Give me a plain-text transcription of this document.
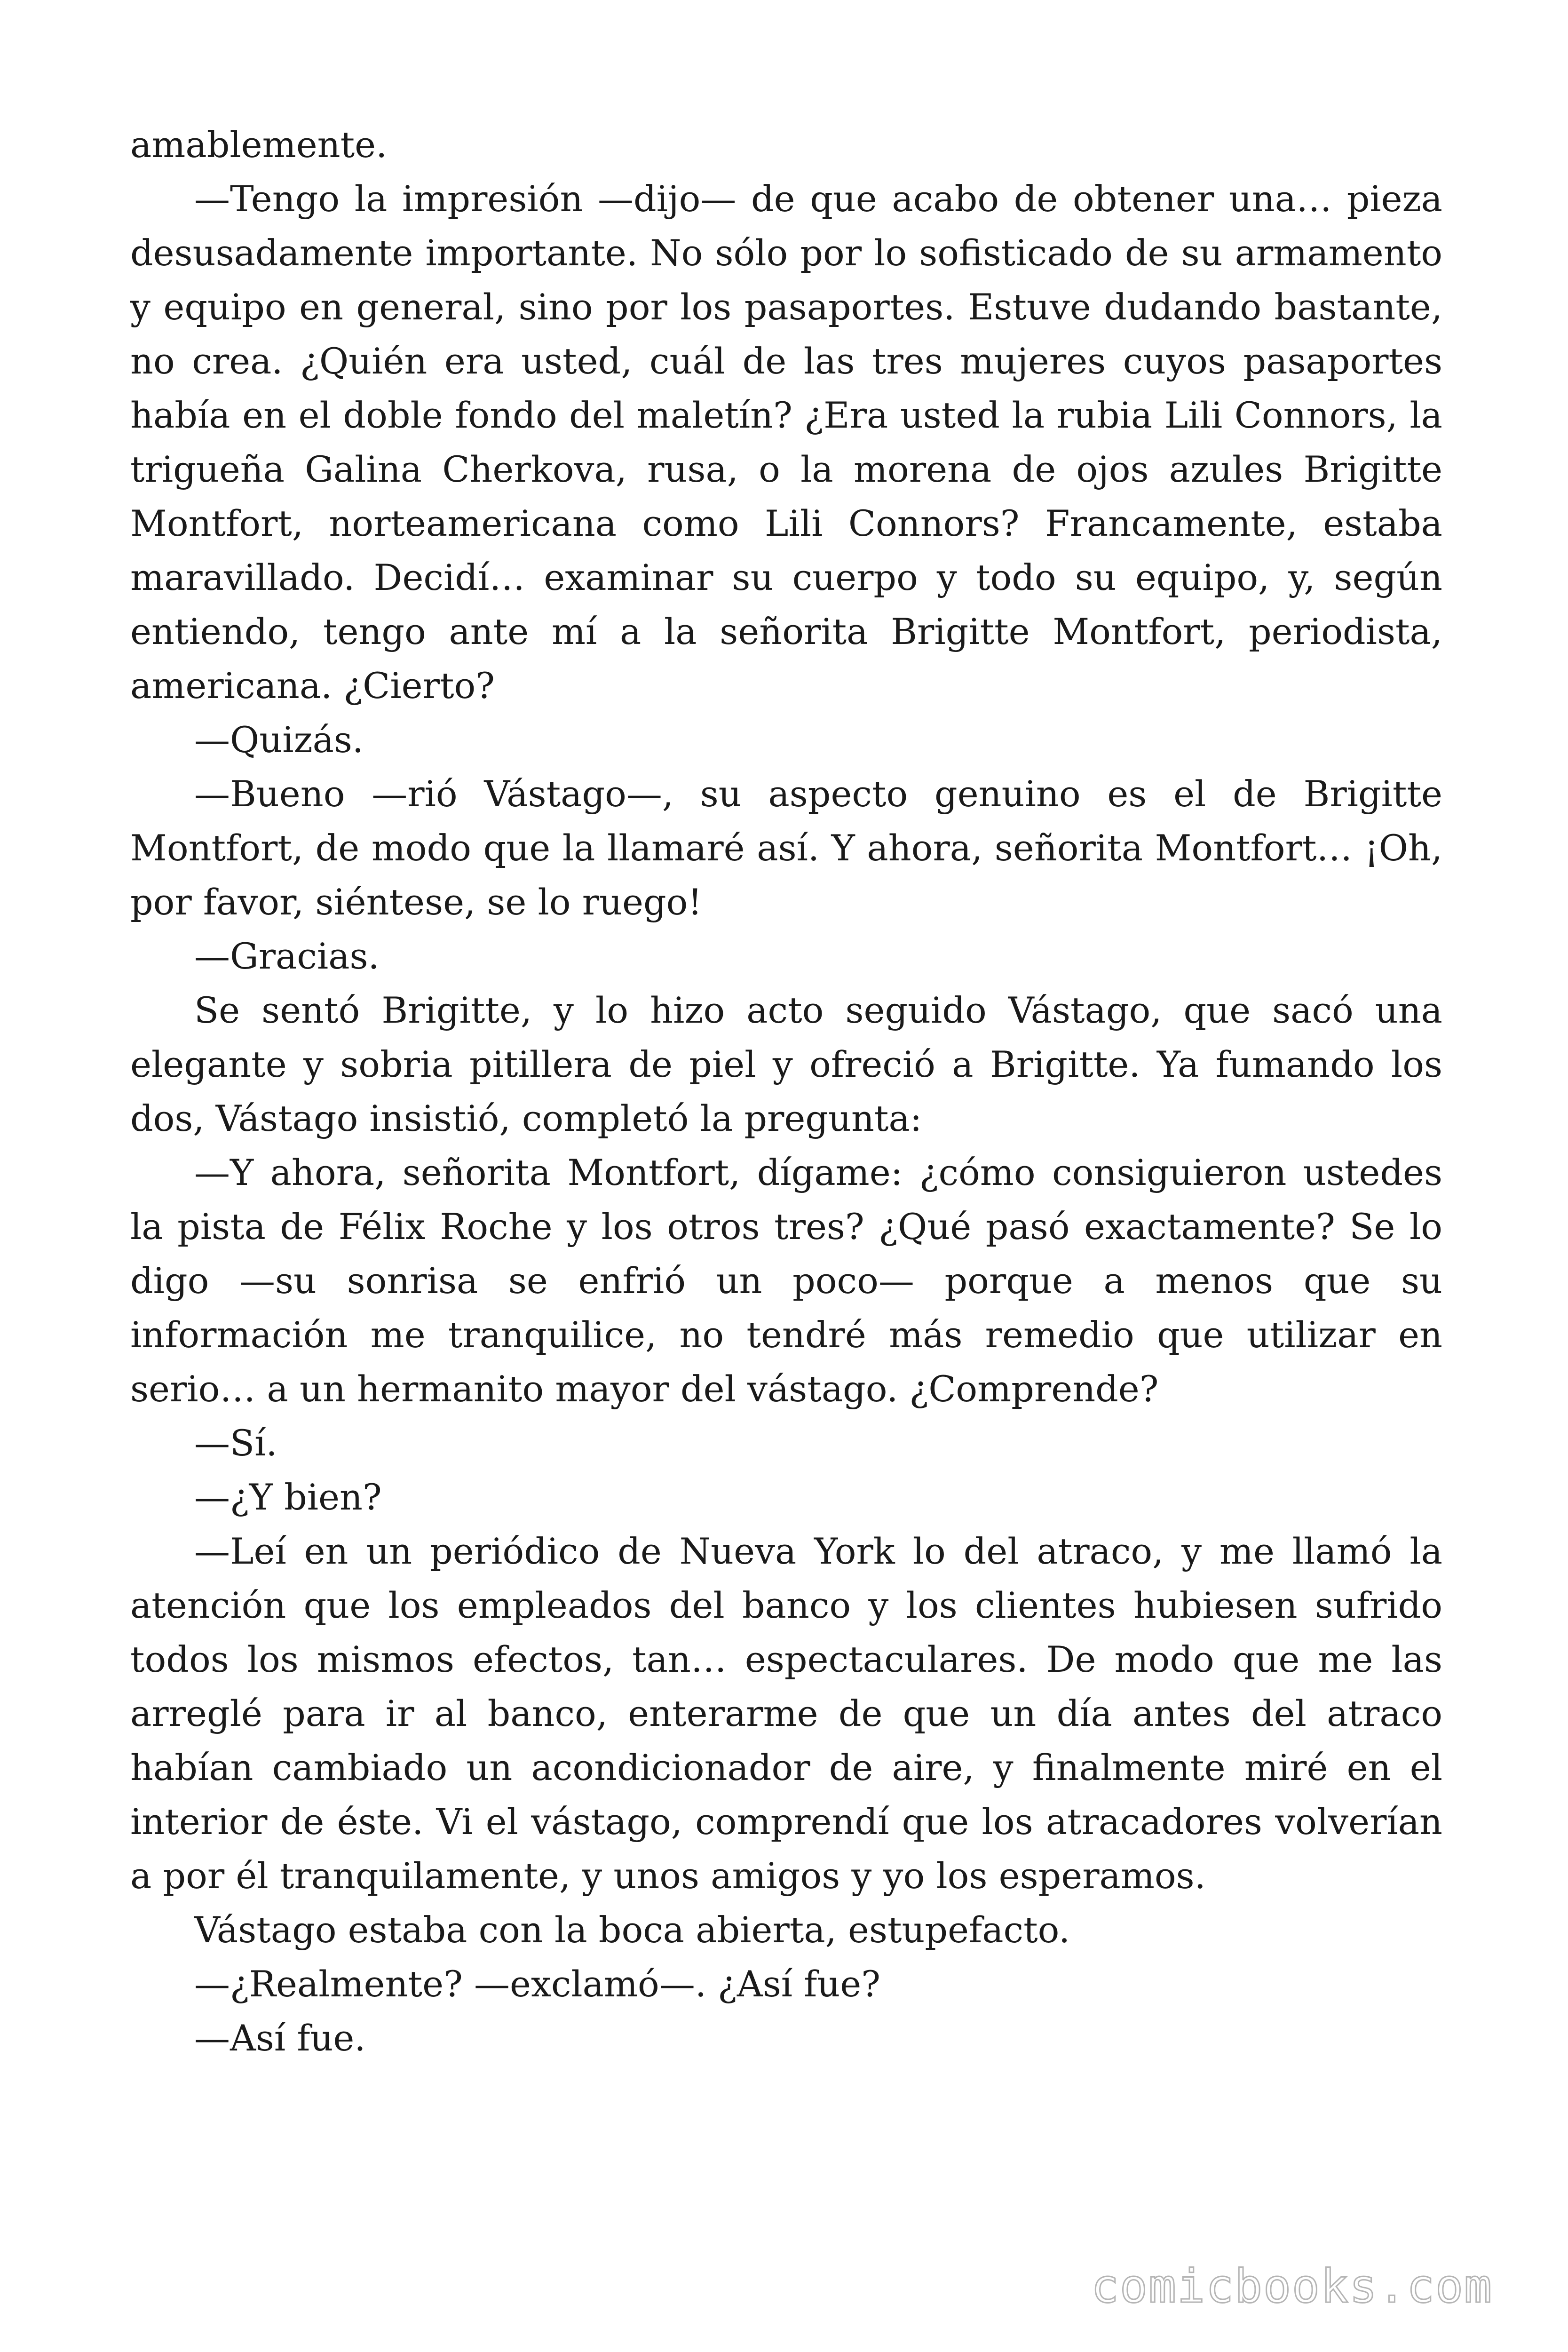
amablemente.

—Tengo la impresión —dijo— de que acabo de obtener una… pieza desusadamente importante. No sólo por lo sofisticado de su armamento y equipo en general, sino por los pasaportes. Estuve dudando bastante, no crea. ¿Quién era usted, cuál de las tres mujeres cuyos pasaportes había en el doble fondo del maletín? ¿Era usted la rubia Lili Connors, la trigueña Galina Cherkova, rusa, o la morena de ojos azules Brigitte Montfort, norteamericana como Lili Connors? Francamente, estaba maravillado. Decidí… examinar su cuerpo y todo su equipo, y, según entiendo, tengo ante mí a la señorita Brigitte Montfort, periodista, americana. ¿Cierto?

—Quizás.

—Bueno —rió Vástago—, su aspecto genuino es el de Brigitte Montfort, de modo que la llamaré así. Y ahora, señorita Montfort… ¡Oh, por favor, siéntese, se lo ruego!

—Gracias.

Se sentó Brigitte, y lo hizo acto seguido Vástago, que sacó una elegante y sobria pitillera de piel y ofreció a Brigitte. Ya fumando los dos, Vástago insistió, completó la pregunta:

—Y ahora, señorita Montfort, dígame: ¿cómo consiguieron ustedes la pista de Félix Roche y los otros tres? ¿Qué pasó exactamente? Se lo digo —su sonrisa se enfrió un poco— porque a menos que su información me tranquilice, no tendré más remedio que utilizar en serio… a un hermanito mayor del vástago. ¿Comprende?

—Sí.

—¿Y bien?

—Leí en un periódico de Nueva York lo del atraco, y me llamó la atención que los empleados del banco y los clientes hubiesen sufrido todos los mismos efectos, tan… espectaculares. De modo que me las arreglé para ir al banco, enterarme de que un día antes del atraco habían cambiado un acondicionador de aire, y finalmente miré en el interior de éste. Vi el vástago, comprendí que los atracadores volverían a por él tranquilamente, y unos amigos y yo los esperamos.

Vástago estaba con la boca abierta, estupefacto.

—¿Realmente? —exclamó—. ¿Así fue?

—Así fue.

comicbooks.com
